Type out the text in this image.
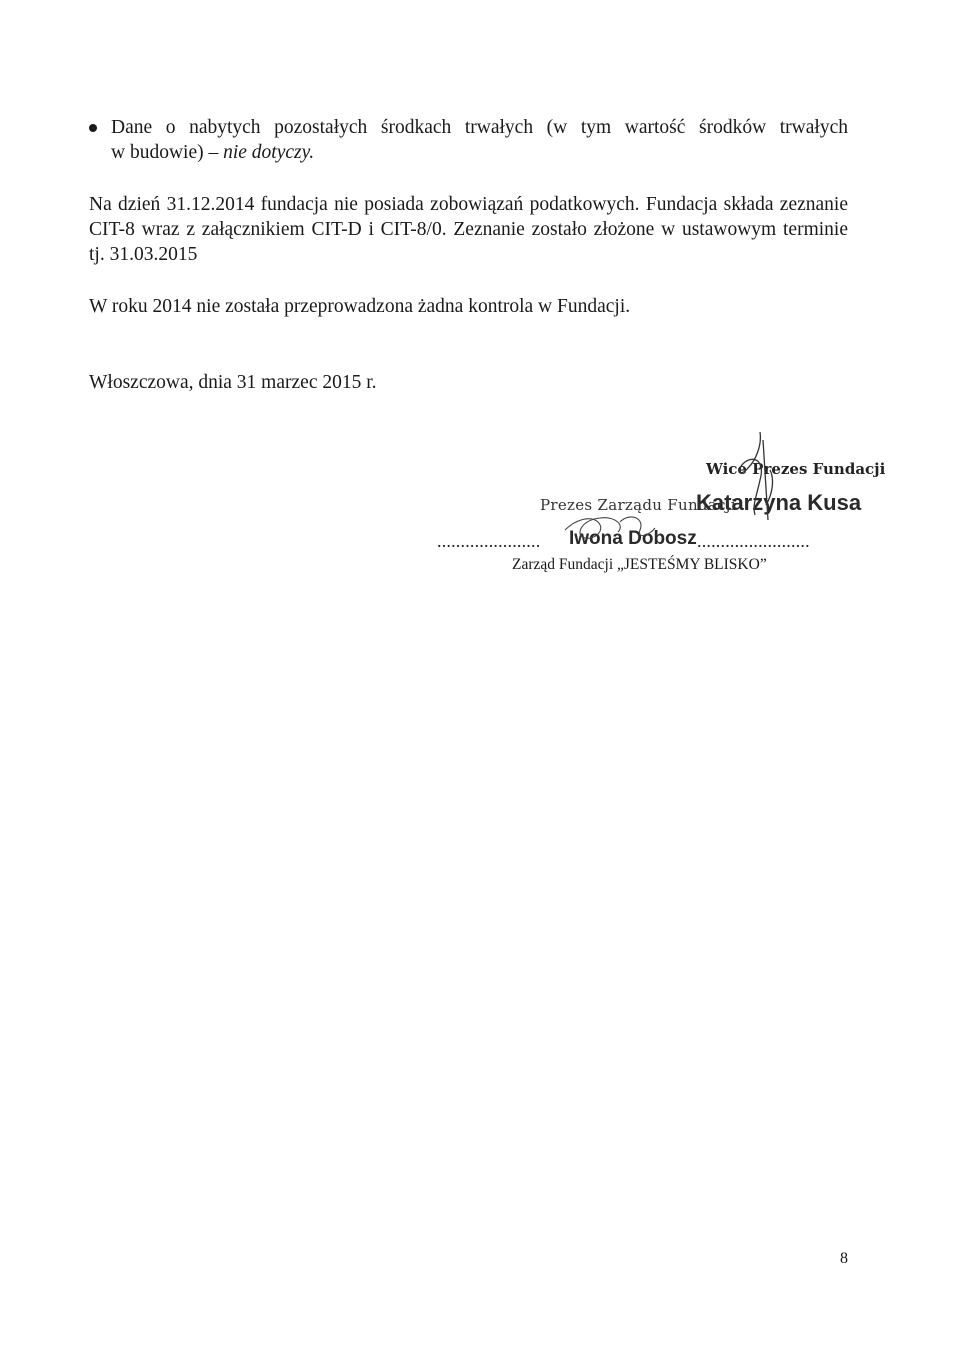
Dane o nabytych pozostałych środkach trwałych (w tym wartość środków trwałych
w budowie) – nie dotyczy.
Na dzień 31.12.2014 fundacja nie posiada zobowiązań podatkowych. Fundacja składa zeznanie
CIT-8 wraz z załącznikiem CIT-D i CIT-8/0. Zeznanie zostało złożone w ustawowym terminie
tj. 31.03.2015
W roku 2014 nie została przeprowadzona żadna kontrola w Fundacji.
Włoszczowa, dnia 31 marzec 2015 r.
Wice Prezes Fundacji
Katarzyna Kusa
Prezes Zarządu Fundacji
...................... Iwona Dobosz ........................
Zarząd Fundacji „JESTEŚMY BLISKO”
8
